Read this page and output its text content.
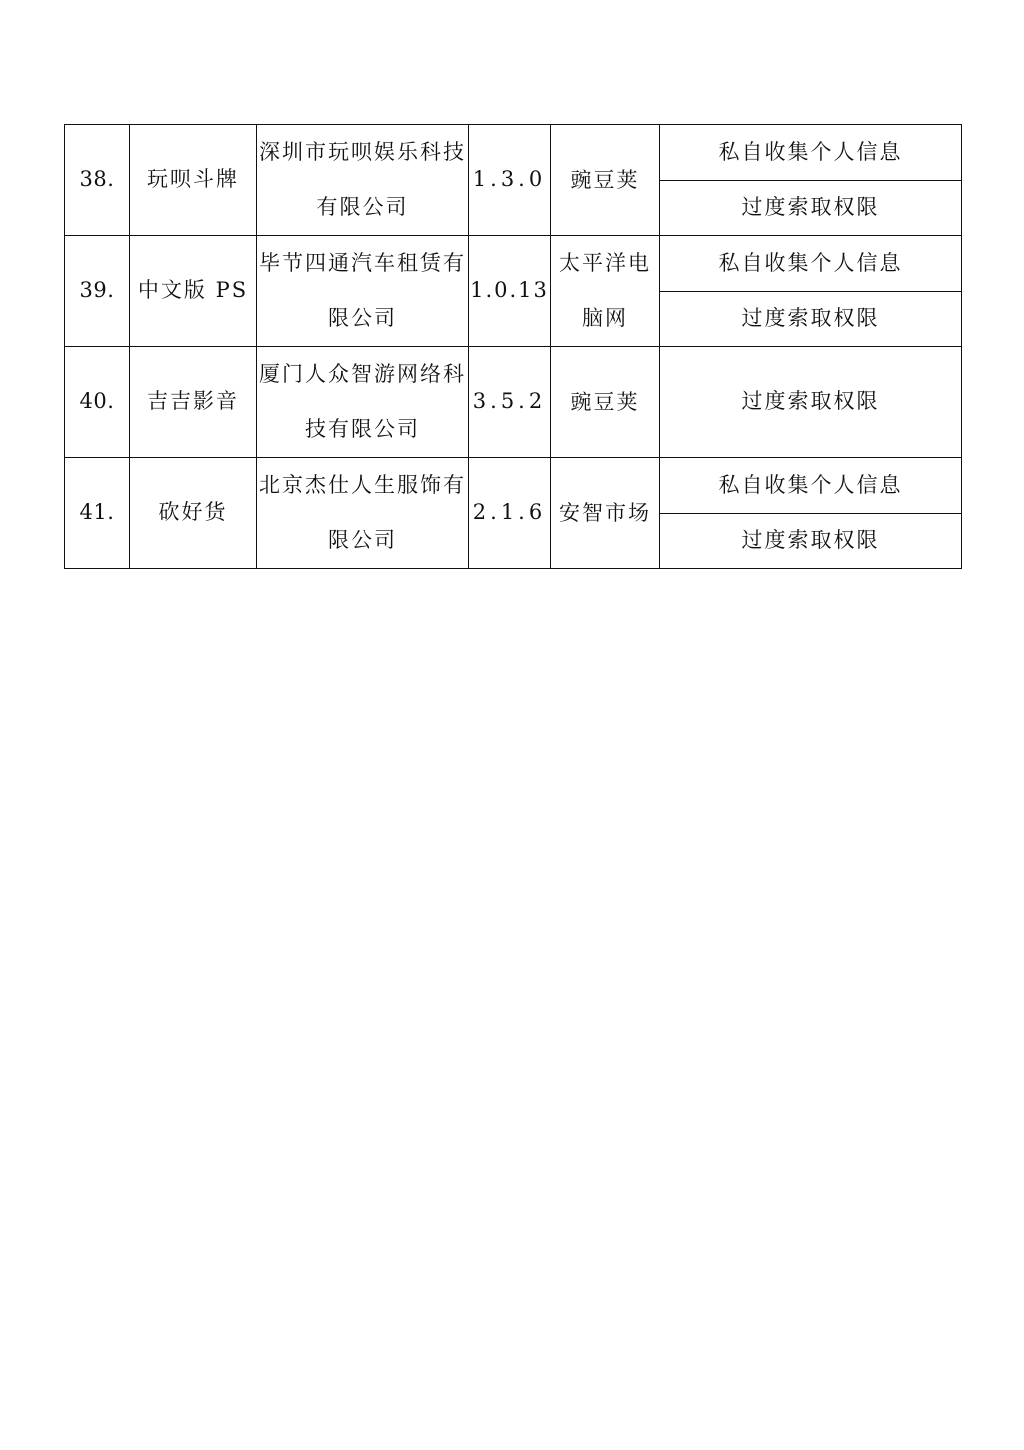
38.	玩呗斗牌	深圳市玩呗娱乐科技有限公司	1.3.0	豌豆荚	私自收集个人信息
					过度索取权限
39.	中文版 PS	毕节四通汽车租赁有限公司	1.0.13	太平洋电脑网	私自收集个人信息
					过度索取权限
40.	吉吉影音	厦门人众智游网络科技有限公司	3.5.2	豌豆荚	过度索取权限
41.	砍好货	北京杰仕人生服饰有限公司	2.1.6	安智市场	私自收集个人信息
					过度索取权限
